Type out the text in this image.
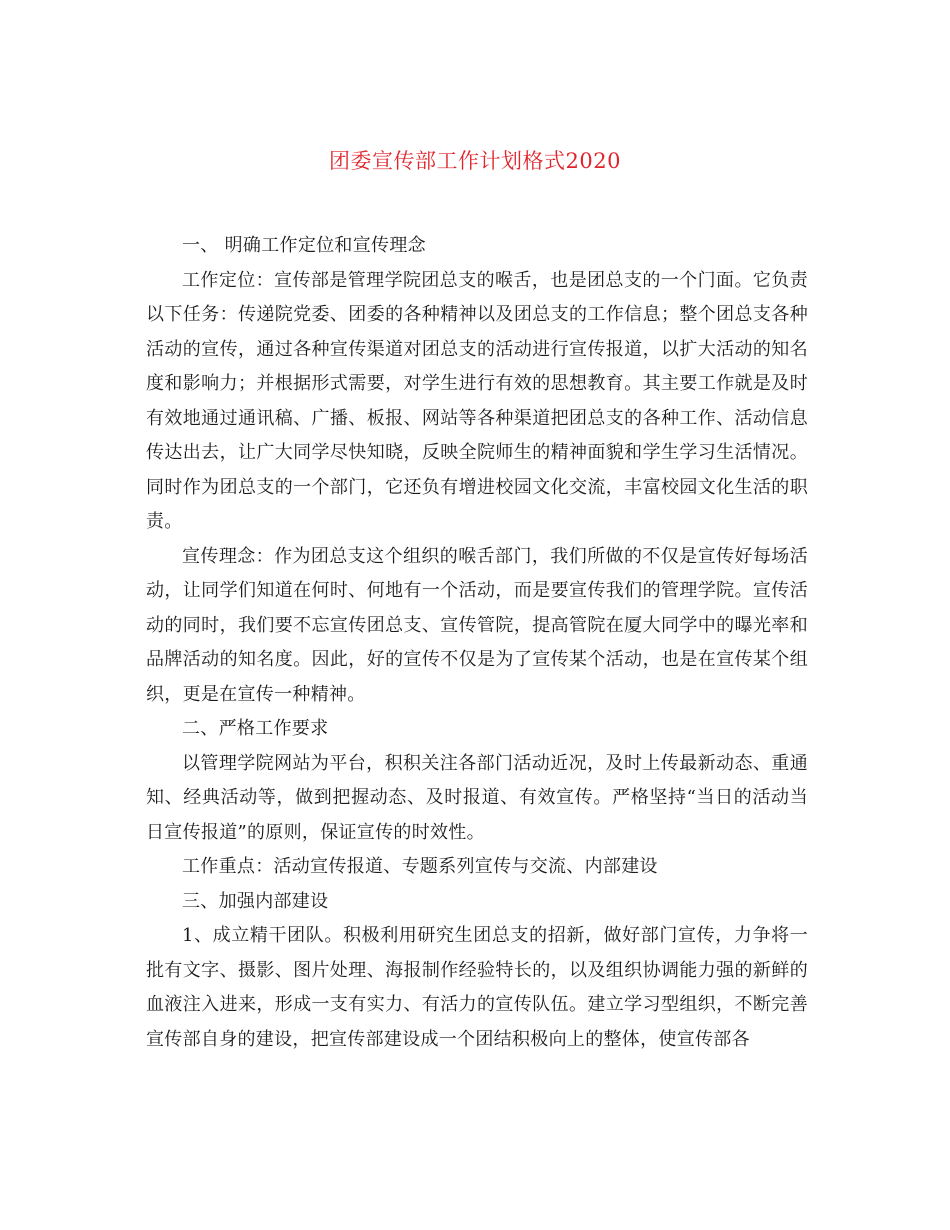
团委宣传部工作计划格式2020

一、 明确工作定位和宣传理念

工作定位：宣传部是管理学院团总支的喉舌，也是团总支的一个门面。它负责以下任务：传递院党委、团委的各种精神以及团总支的工作信息；整个团总支各种活动的宣传，通过各种宣传渠道对团总支的活动进行宣传报道，以扩大活动的知名度和影响力；并根据形式需要，对学生进行有效的思想教育。其主要工作就是及时有效地通过通讯稿、广播、板报、网站等各种渠道把团总支的各种工作、活动信息传达出去，让广大同学尽快知晓，反映全院师生的精神面貌和学生学习生活情况。同时作为团总支的一个部门，它还负有增进校园文化交流，丰富校园文化生活的职责。

宣传理念：作为团总支这个组织的喉舌部门，我们所做的不仅是宣传好每场活动，让同学们知道在何时、何地有一个活动，而是要宣传我们的管理学院。宣传活动的同时，我们要不忘宣传团总支、宣传管院，提高管院在厦大同学中的曝光率和品牌活动的知名度。因此，好的宣传不仅是为了宣传某个活动，也是在宣传某个组织，更是在宣传一种精神。

二、严格工作要求

以管理学院网站为平台，积积关注各部门活动近况，及时上传最新动态、重通知、经典活动等，做到把握动态、及时报道、有效宣传。严格坚持“当日的活动当日宣传报道”的原则，保证宣传的时效性。

工作重点：活动宣传报道、专题系列宣传与交流、内部建设

三、加强内部建设

1、成立精干团队。积极利用研究生团总支的招新，做好部门宣传，力争将一批有文字、摄影、图片处理、海报制作经验特长的，以及组织协调能力强的新鲜的血液注入进来，形成一支有实力、有活力的宣传队伍。建立学习型组织，不断完善宣传部自身的建设，把宣传部建设成一个团结积极向上的整体，使宣传部各
